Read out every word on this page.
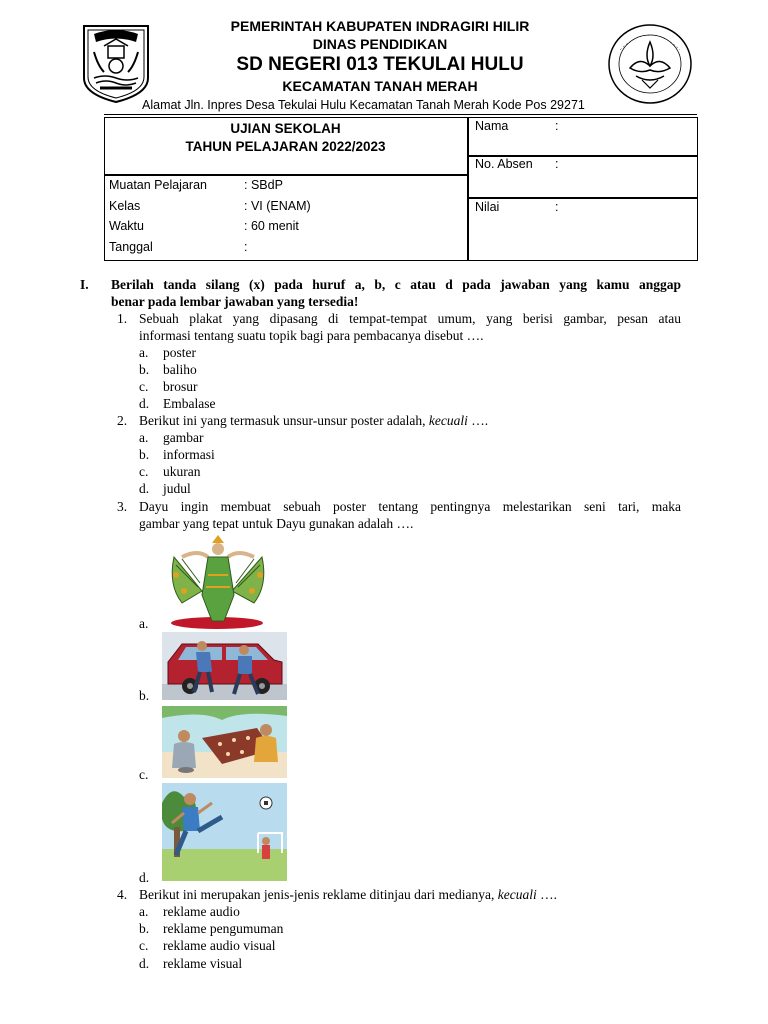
PEMERINTAH KABUPATEN INDRAGIRI HILIR
DINAS PENDIDIKAN
SD NEGERI 013 TEKULAI HULU
KECAMATAN TANAH MERAH
Alamat Jln. Inpres Desa Tekulai Hulu Kecamatan Tanah Merah Kode Pos 29271
UJIAN SEKOLAH
TAHUN PELAJARAN 2022/2023
Muatan Pelajaran	: SBdP
Kelas	: VI (ENAM)
Waktu	: 60 menit
Tanggal	:
Nama	:
No. Absen :
Nilai	:
I. Berilah tanda silang (x) pada huruf a, b, c atau d pada jawaban yang kamu anggap
benar pada lembar jawaban yang tersedia!
1. Sebuah plakat yang dipasang di tempat-tempat umum, yang berisi gambar, pesan atau
informasi tentang suatu topik bagi para pembacanya disebut ….
a. poster
b. baliho
c. brosur
d. Embalase
2. Berikut ini yang termasuk unsur-unsur poster adalah, kecuali ….
a. gambar
b. informasi
c. ukuran
d. judul
3. Dayu ingin membuat sebuah poster tentang pentingnya melestarikan seni tari, maka
gambar yang tepat untuk Dayu gunakan adalah ….
a.
b.
c.
d.
4. Berikut ini merupakan jenis-jenis reklame ditinjau dari medianya, kecuali ….
a. reklame audio
b. reklame pengumuman
c. reklame audio visual
d. reklame visual
